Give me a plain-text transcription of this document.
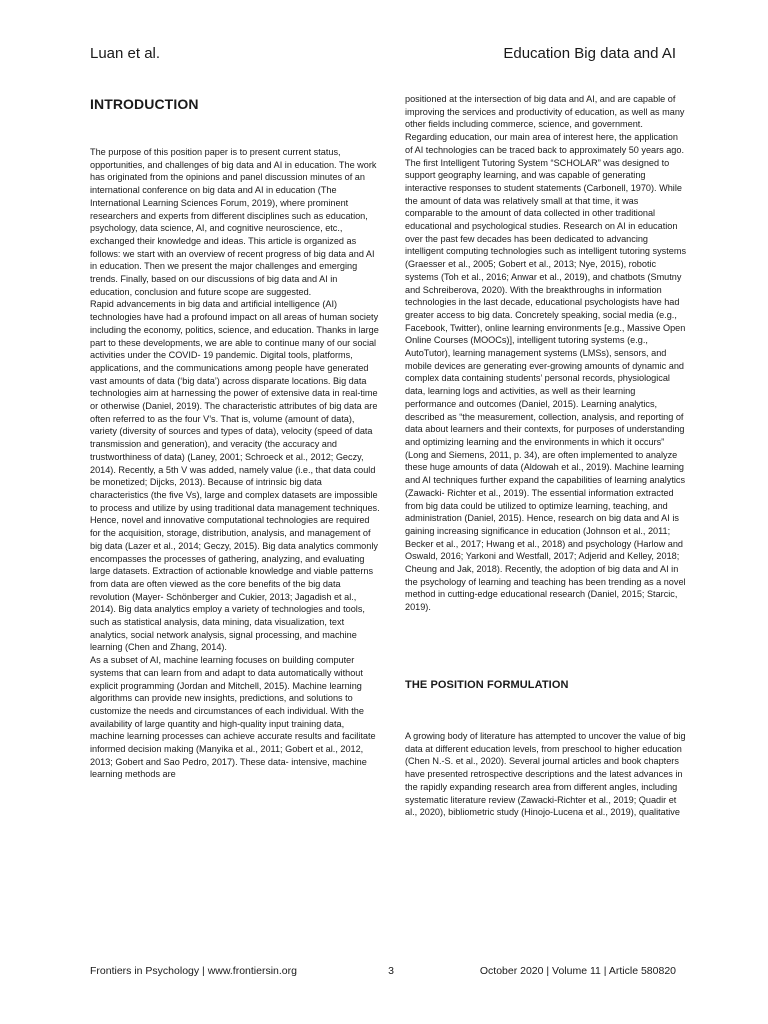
Luan et al.	Education Big data and AI
INTRODUCTION

The purpose of this position paper is to present current status, opportunities, and challenges of big data and AI in education. The work has originated from the opinions and panel discussion minutes of an international conference on big data and AI in education (The International Learning Sciences Forum, 2019), where prominent researchers and experts from different disciplines such as education, psychology, data science, AI, and cognitive neuroscience, etc., exchanged their knowledge and ideas. This article is organized as follows: we start with an overview of recent progress of big data and AI in education. Then we present the major challenges and emerging trends. Finally, based on our discussions of big data and AI in education, conclusion and future scope are suggested.

Rapid advancements in big data and artificial intelligence (AI) technologies have had a profound impact on all areas of human society including the economy, politics, science, and education. Thanks in large part to these developments, we are able to continue many of our social activities under the COVID- 19 pandemic. Digital tools, platforms, applications, and the communications among people have generated vast amounts of data (‘big data’) across disparate locations. Big data technologies aim at harnessing the power of extensive data in real-time or otherwise (Daniel, 2019). The characteristic attributes of big data are often referred to as the four V’s. That is, volume (amount of data), variety (diversity of sources and types of data), velocity (speed of data transmission and generation), and veracity (the accuracy and trustworthiness of data) (Laney, 2001; Schroeck et al., 2012; Geczy, 2014). Recently, a 5th V was added, namely value (i.e., that data could be monetized; Dijcks, 2013). Because of intrinsic big data characteristics (the five Vs), large and complex datasets are impossible to process and utilize by using traditional data management techniques. Hence, novel and innovative computational technologies are required for the acquisition, storage, distribution, analysis, and management of big data (Lazer et al., 2014; Geczy, 2015). Big data analytics commonly encompasses the processes of gathering, analyzing, and evaluating large datasets. Extraction of actionable knowledge and viable patterns from data are often viewed as the core benefits of the big data revolution (Mayer- Schönberger and Cukier, 2013; Jagadish et al., 2014). Big data analytics employ a variety of technologies and tools, such as statistical analysis, data mining, data visualization, text analytics, social network analysis, signal processing, and machine learning (Chen and Zhang, 2014).

As a subset of AI, machine learning focuses on building computer systems that can learn from and adapt to data automatically without explicit programming (Jordan and Mitchell, 2015). Machine learning algorithms can provide new insights, predictions, and solutions to customize the needs and circumstances of each individual. With the availability of large quantity and high-quality input training data, machine learning processes can achieve accurate results and facilitate informed decision making (Manyika et al., 2011; Gobert et al., 2012, 2013; Gobert and Sao Pedro, 2017). These data- intensive, machine learning methods are

positioned at the intersection of big data and AI, and are capable of improving the services and productivity of education, as well as many other fields including commerce, science, and government. Regarding education, our main area of interest here, the application of AI technologies can be traced back to approximately 50 years ago. The first Intelligent Tutoring System “SCHOLAR” was designed to support geography learning, and was capable of generating interactive responses to student statements (Carbonell, 1970). While the amount of data was relatively small at that time, it was comparable to the amount of data collected in other traditional educational and psychological studies. Research on AI in education over the past few decades has been dedicated to advancing intelligent computing technologies such as intelligent tutoring systems (Graesser et al., 2005; Gobert et al., 2013; Nye, 2015), robotic systems (Toh et al., 2016; Anwar et al., 2019), and chatbots (Smutny and Schreiberova, 2020). With the breakthroughs in information technologies in the last decade, educational psychologists have had greater access to big data. Concretely speaking, social media (e.g., Facebook, Twitter), online learning environments [e.g., Massive Open Online Courses (MOOCs)], intelligent tutoring systems (e.g., AutoTutor), learning management systems (LMSs), sensors, and mobile devices are generating ever-growing amounts of dynamic and complex data containing students’ personal records, physiological data, learning logs and activities, as well as their learning performance and outcomes (Daniel, 2015). Learning analytics, described as “the measurement, collection, analysis, and reporting of data about learners and their contexts, for purposes of understanding and optimizing learning and the environments in which it occurs” (Long and Siemens, 2011, p. 34), are often implemented to analyze these huge amounts of data (Aldowah et al., 2019). Machine learning and AI techniques further expand the capabilities of learning analytics (Zawacki- Richter et al., 2019). The essential information extracted from big data could be utilized to optimize learning, teaching, and administration (Daniel, 2015). Hence, research on big data and AI is gaining increasing significance in education (Johnson et al., 2011; Becker et al., 2017; Hwang et al., 2018) and psychology (Harlow and Oswald, 2016; Yarkoni and Westfall, 2017; Adjerid and Kelley, 2018; Cheung and Jak, 2018). Recently, the adoption of big data and AI in the psychology of learning and teaching has been trending as a novel method in cutting-edge educational research (Daniel, 2015; Starcic, 2019).

THE POSITION FORMULATION

A growing body of literature has attempted to uncover the value of big data at different education levels, from preschool to higher education (Chen N.-S. et al., 2020). Several journal articles and book chapters have presented retrospective descriptions and the latest advances in the rapidly expanding research area from different angles, including systematic literature review (Zawacki-Richter et al., 2019; Quadir et al., 2020), bibliometric study (Hinojo-Lucena et al., 2019), qualitative

Frontiers in Psychology | www.frontiersin.org	3	October 2020 | Volume 11 | Article 580820
